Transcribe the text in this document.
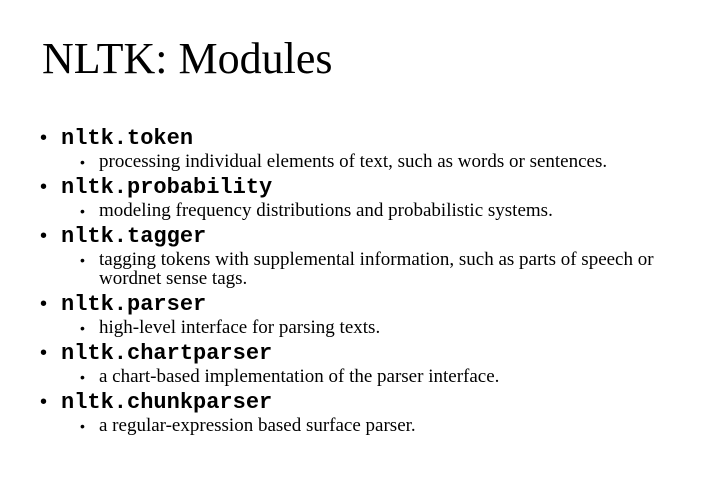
NLTK: Modules
• nltk.token
• processing individual elements of text, such as words or sentences.
• nltk.probability
• modeling frequency distributions and probabilistic systems.
• nltk.tagger
• tagging tokens with supplemental information, such as parts of speech or wordnet sense tags.
• nltk.parser
• high-level interface for parsing texts.
• nltk.chartparser
• a chart-based implementation of the parser interface.
• nltk.chunkparser
• a regular-expression based surface parser.
